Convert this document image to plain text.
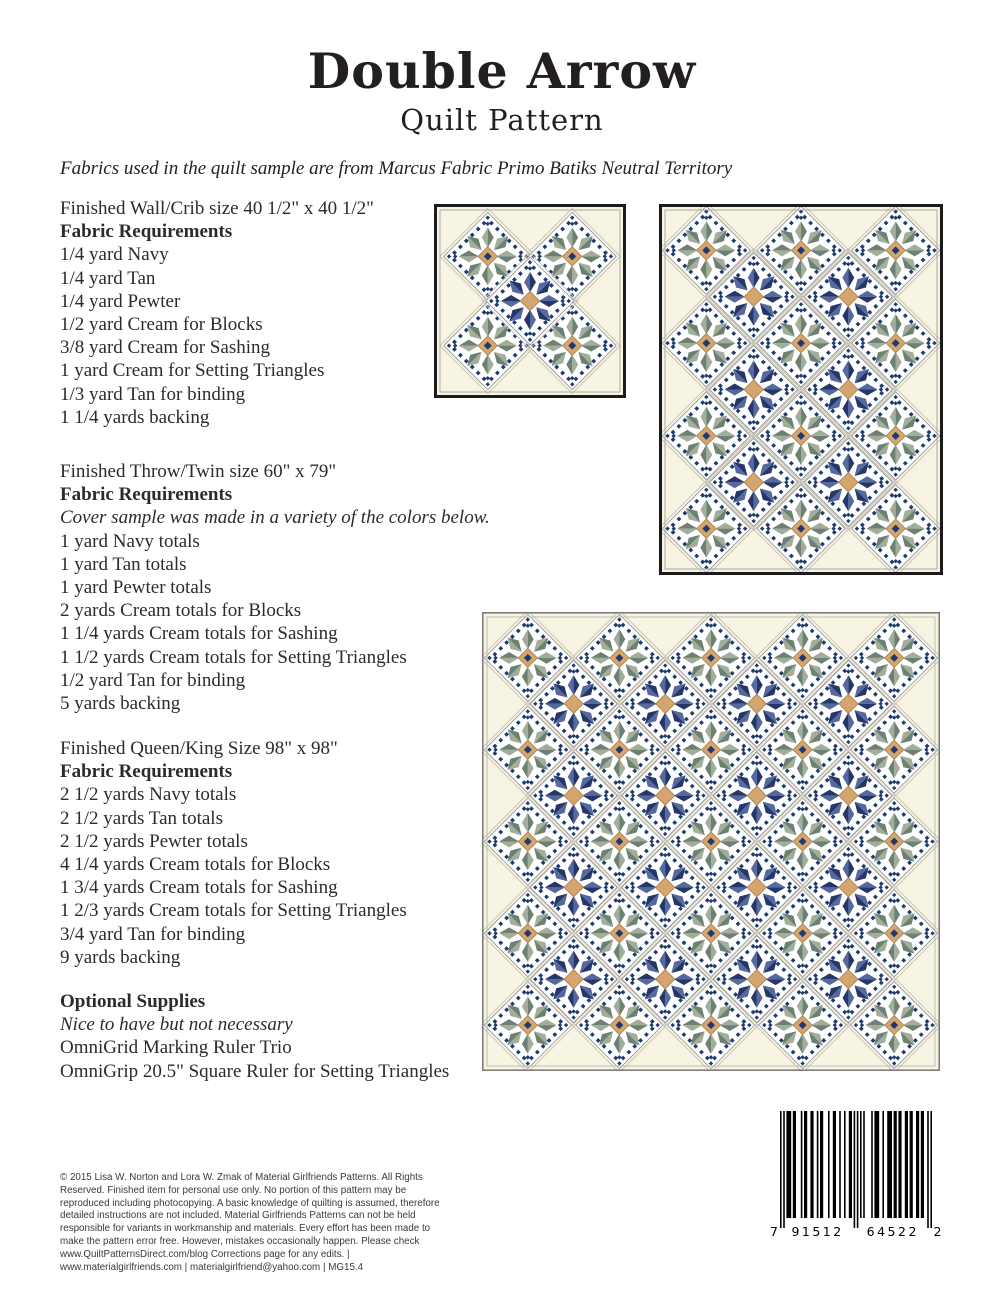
Double Arrow
Quilt Pattern
Fabrics used in the quilt sample are from Marcus Fabric Primo Batiks Neutral Territory
Finished Wall/Crib size 40 1/2" x 40 1/2"
Fabric Requirements
1/4 yard Navy
1/4 yard Tan
1/4 yard Pewter
1/2 yard Cream for Blocks
3/8 yard Cream for Sashing
1 yard Cream for Setting Triangles
1/3 yard Tan for binding
1 1/4 yards backing
Finished Throw/Twin size 60" x 79"
Fabric Requirements
Cover sample was made in a variety of the colors below.
1 yard Navy totals
1 yard Tan totals
1 yard Pewter totals
2 yards Cream totals for Blocks
1 1/4 yards Cream totals for Sashing
1 1/2 yards Cream totals for Setting Triangles
1/2 yard Tan for binding
5 yards backing
Finished Queen/King Size 98" x 98"
Fabric Requirements
2 1/2 yards Navy totals
2 1/2 yards Tan totals
2 1/2 yards Pewter totals
4 1/4 yards Cream totals for Blocks
1 3/4 yards Cream totals for Sashing
1 2/3 yards Cream totals for Setting Triangles
3/4 yard Tan for binding
9 yards backing
Optional Supplies
Nice to have but not necessary
OmniGrid Marking Ruler Trio
OmniGrip 20.5" Square Ruler for Setting Triangles
© 2015 Lisa W. Norton and Lora W. Zmak of Material Girlfriends Patterns. All Rights Reserved. Finished item for personal use only. No portion of this pattern may be reproduced including photocopying. A basic knowledge of quilting is assumed, therefore detailed instructions are not included. Material Girlfriends Patterns can not be held responsible for variants in workmanship and materials. Every effort has been made to make the pattern error free. However, mistakes occasionally happen. Please check www.QuiltPatternsDirect.com/blog Corrections page for any edits. | www.materialgirlfriends.com | materialgirlfriend@yahoo.com | MG15.4
7 91512 64522 2
